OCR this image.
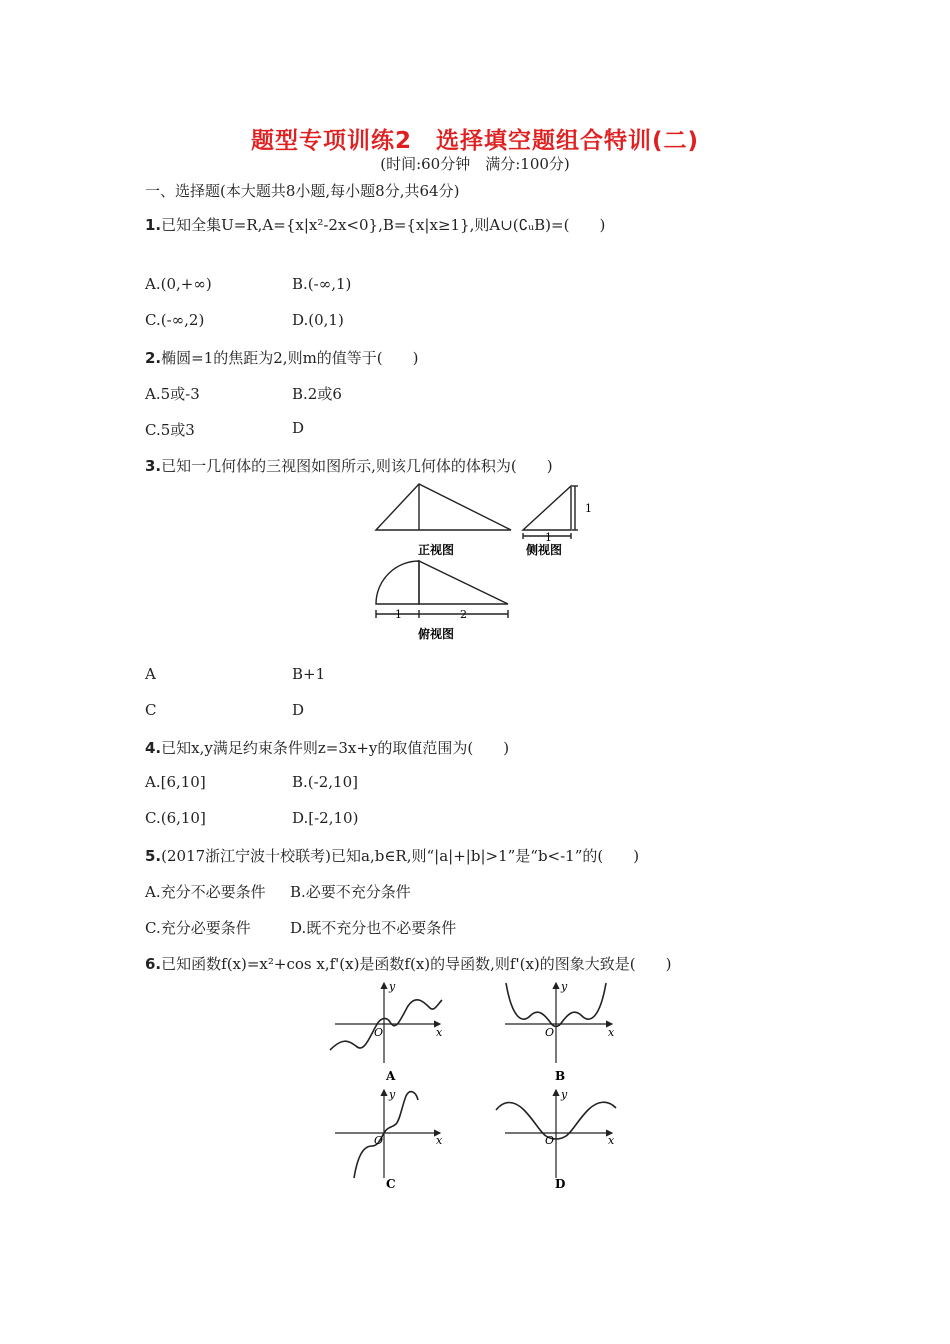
题型专项训练2　选择填空题组合特训(二)
(时间:60分钟　满分:100分)
一、选择题(本大题共8小题,每小题8分,共64分)
1.已知全集U=R,A={x|x²-2x<0},B={x|x≥1},则A∪(∁ᵤB)=(　　)
A.(0,+∞)	B.(-∞,1)
C.(-∞,2)	D.(0,1)
2.椭圆=1的焦距为2,则m的值等于(　　)
A.5或-3	B.2或6
C.5或3	D
3.已知一几何体的三视图如图所示,则该几何体的体积为(　　)
1
1
1	2
正视图	侧视图
俯视图
A	B+1
C	D
4.已知x,y满足约束条件则z=3x+y的取值范围为(　　)
A.[6,10]	B.(-2,10]
C.(6,10]	D.[-2,10)
5.(2017浙江宁波十校联考)已知a,b∈R,则“|a|+|b|>1”是“b<-1”的(　　)
A.充分不必要条件 B.必要不充分条件
C.充分必要条件	D.既不充分也不必要条件
6.已知函数f(x)=x²+cos x,f'(x)是函数f(x)的导函数,则f'(x)的图象大致是(　　)
y
x
O
y
x
O
y
x
O
y
x
O
A	B
C	D
